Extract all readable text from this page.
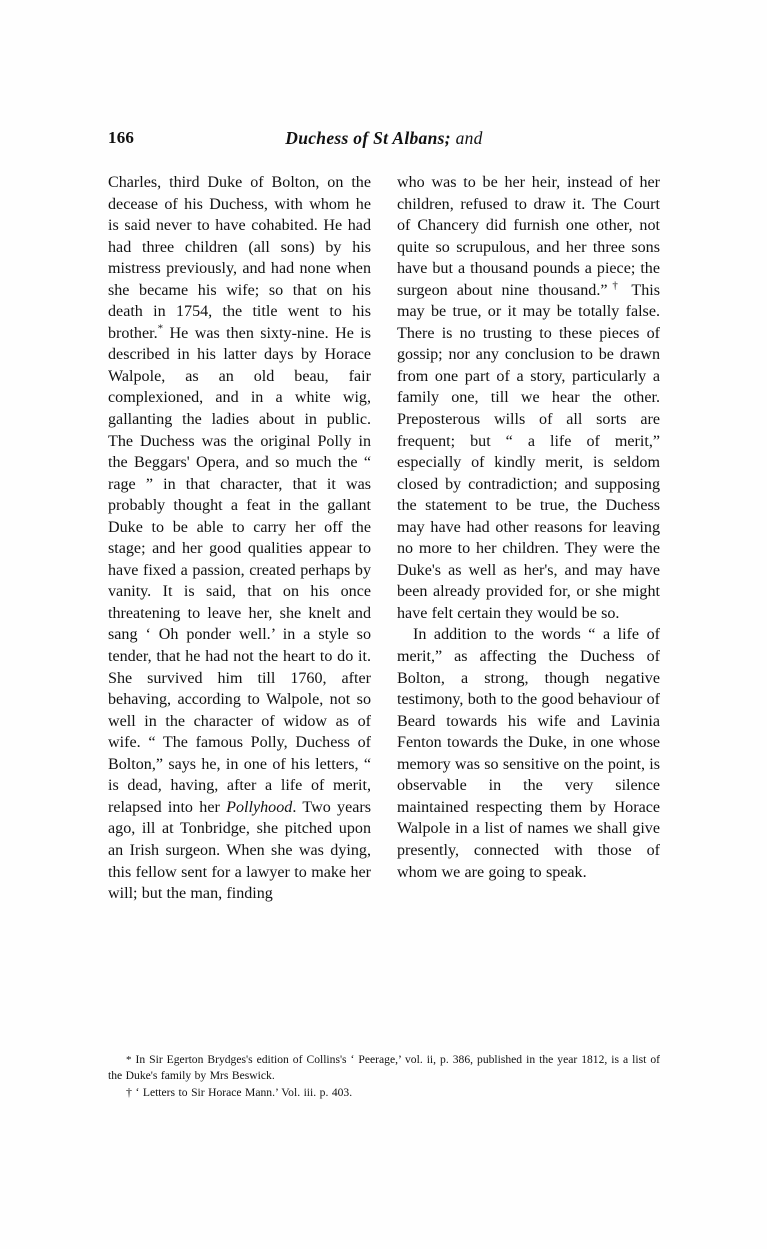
166	Duchess of St Albans; and

Charles, third Duke of Bolton, on the decease of his Duchess, with whom he is said never to have cohabited. He had had three children (all sons) by his mistress previously, and had none when she became his wife; so that on his death in 1754, the title went to his brother.* He was then sixty-nine. He is described in his latter days by Horace Walpole, as an old beau, fair complexioned, and in a white wig, gallanting the ladies about in public. The Duchess was the original Polly in the Beggars' Opera, and so much the “ rage ” in that character, that it was probably thought a feat in the gallant Duke to be able to carry her off the stage; and her good qualities appear to have fixed a passion, created perhaps by vanity. It is said, that on his once threatening to leave her, she knelt and sang ‘ Oh ponder well.’ in a style so tender, that he had not the heart to do it. She survived him till 1760, after behaving, according to Walpole, not so well in the character of widow as of wife. “ The famous Polly, Duchess of Bolton,” says he, in one of his letters, “ is dead, having, after a life of merit, relapsed into her Pollyhood. Two years ago, ill at Tonbridge, she pitched upon an Irish surgeon. When she was dying, this fellow sent for a lawyer to make her will; but the man, finding

who was to be her heir, instead of her children, refused to draw it. The Court of Chancery did furnish one other, not quite so scrupulous, and her three sons have but a thousand pounds a piece; the surgeon about nine thousand.”† This may be true, or it may be totally false. There is no trusting to these pieces of gossip; nor any conclusion to be drawn from one part of a story, particularly a family one, till we hear the other. Preposterous wills of all sorts are frequent; but “ a life of merit,” especially of kindly merit, is seldom closed by contradiction; and supposing the statement to be true, the Duchess may have had other reasons for leaving no more to her children. They were the Duke's as well as her's, and may have been already provided for, or she might have felt certain they would be so.

In addition to the words “ a life of merit,” as affecting the Duchess of Bolton, a strong, though negative testimony, both to the good behaviour of Beard towards his wife and Lavinia Fenton towards the Duke, in one whose memory was so sensitive on the point, is observable in the very silence maintained respecting them by Horace Walpole in a list of names we shall give presently, connected with those of whom we are going to speak.

* In Sir Egerton Brydges's edition of Collins's ‘ Peerage,’ vol. ii, p. 386, published in the year 1812, is a list of the Duke's family by Mrs Beswick.

† ‘ Letters to Sir Horace Mann.’ Vol. iii. p. 403.
